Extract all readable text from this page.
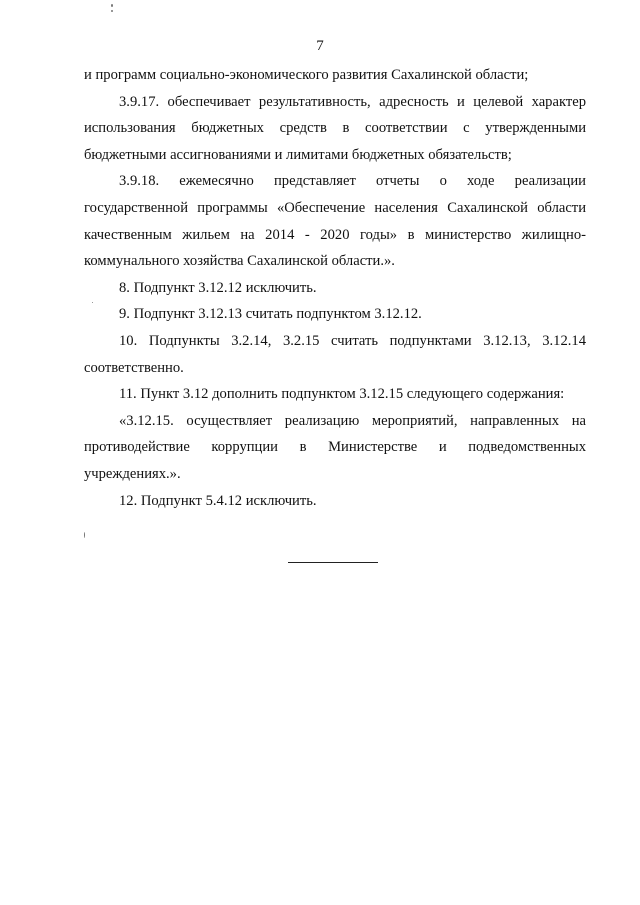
7

и программ социально-экономического развития Сахалинской области;

3.9.17. обеспечивает результативность, адресность и целевой характер использования бюджетных средств в соответствии с утвержденными бюджетными ассигнованиями и лимитами бюджетных обязательств;

3.9.18. ежемесячно представляет отчеты о ходе реализации государственной программы «Обеспечение населения Сахалинской области качественным жильем на 2014 - 2020 годы» в министерство жилищно-коммунального хозяйства Сахалинской области.».

8. Подпункт 3.12.12 исключить.

9. Подпункт 3.12.13 считать подпунктом 3.12.12.

10. Подпункты 3.2.14, 3.2.15 считать подпунктами 3.12.13, 3.12.14 соответственно.

11. Пункт 3.12 дополнить подпунктом 3.12.15 следующего содержания:

«3.12.15. осуществляет реализацию мероприятий, направленных на противодействие коррупции в Министерстве и подведомственных учреждениях.».

12. Подпункт 5.4.12 исключить.
